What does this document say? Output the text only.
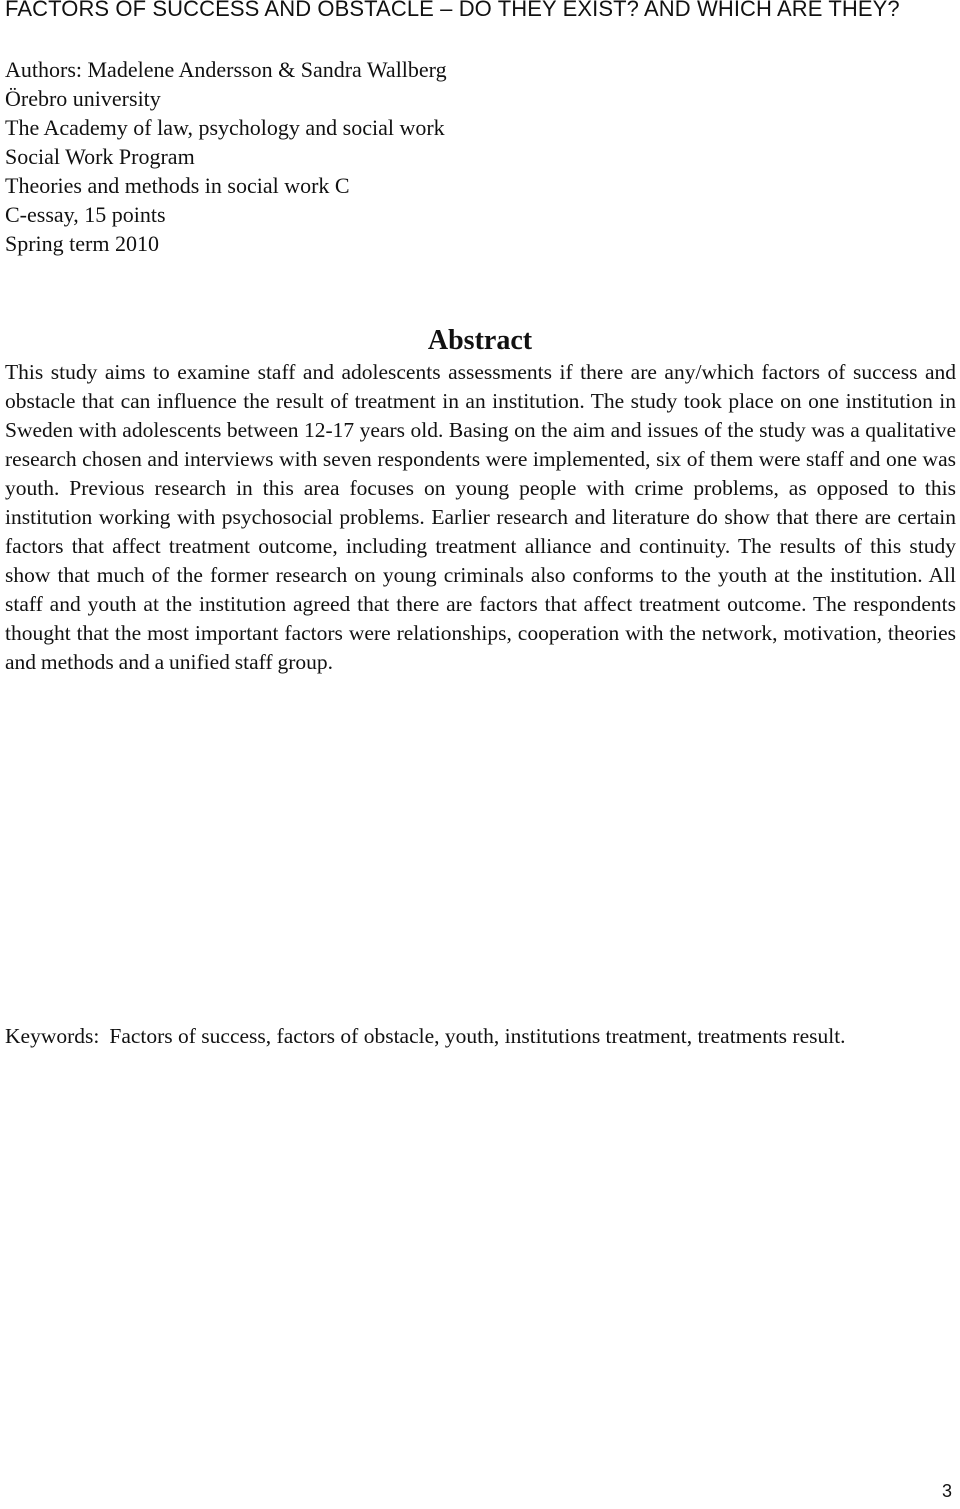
FACTORS OF SUCCESS AND OBSTACLE – DO THEY EXIST? AND WHICH ARE THEY?
Authors: Madelene Andersson & Sandra Wallberg
Örebro university
The Academy of law, psychology and social work
Social Work Program
Theories and methods in social work C
C-essay, 15 points
Spring term 2010
Abstract
This study aims to examine staff and adolescents assessments if there are any/which factors of success and obstacle that can influence the result of treatment in an institution. The study took place on one institution in Sweden with adolescents between 12-17 years old. Basing on the aim and issues of the study was a qualitative research chosen and interviews with seven respondents were implemented, six of them were staff and one was youth. Previous research in this area focuses on young people with crime problems, as opposed to this institution working with psychosocial problems. Earlier research and literature do show that there are certain factors that affect treatment outcome, including treatment alliance and continuity. The results of this study show that much of the former research on young criminals also conforms to the youth at the institution. All staff and youth at the institution agreed that there are factors that affect treatment outcome. The respondents thought that the most important factors were relationships, cooperation with the network, motivation, theories and methods and a unified staff group.
Keywords: Factors of success, factors of obstacle, youth, institutions treatment, treatments result.
3
